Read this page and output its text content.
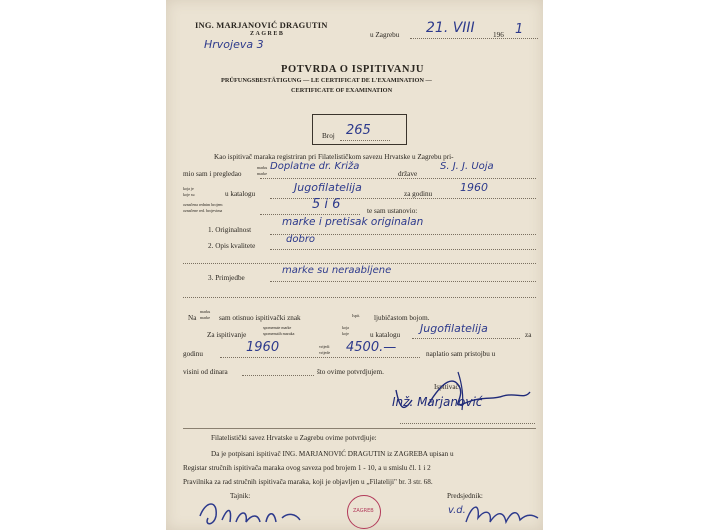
ING. MARJANOVIĆ DRAGUTIN
ZAGREB
Hrvojeva 3
u Zagrebu 21. VIII	196 1
POTVRDA O ISPITIVANJU
PRÜFUNGSBESTÄTIGUNG — LE CERTIFICAT DE L'EXAMINATION —
CERTIFICATE OF EXAMINATION
Broj 265
Kao ispitivač maraka registriran pri Filatelističkom savezu Hrvatske u Zagrebu pri-
mio sam i pregledao
marku
marke
Doplatne dr. Križa
države
S. J. J. Uoja
koja je
koje su	u katalogu	Jugofilatelija	za godinu	1960
označena rednim brojem
označene red. brojevima	5 i 6	te sam ustanovio:
1. Originalnost
marke i pretisak originalan
2. Opis kvalitete
dobro
3. Primjedbe
marke su neraabljene
Na
marku
marke sam otisnuo ispitivački znak	Ispit. ljubičastom bojom.
Za ispitivanje
spomenute marke
spomenutih maraka
koja
koje	u katalogu Jugofilatelija	za
godinu	1960	vrijedi
vrijede 4500.—	naplatio sam pristojbu u
visini od dinara	što ovime potvrdjujem.
Ispitivač:
Inž. Marjanović
Filatelistički savez Hrvatske u Zagrebu ovime potvrdjuje:
Da je potpisani ispitivač ING. MARJANOVIĆ DRAGUTIN iz ZAGREBA upisan u
Registar stručnih ispitivača maraka ovog saveza pod brojem 1 - 10, a u smislu čl. 1 i 2
Pravilnika za rad stručnih ispitivača maraka, koji je objavljen u „Filateliji" br. 3 str. 68.
Tajnik:	Predsjednik:
ZAGREB	v.d.
